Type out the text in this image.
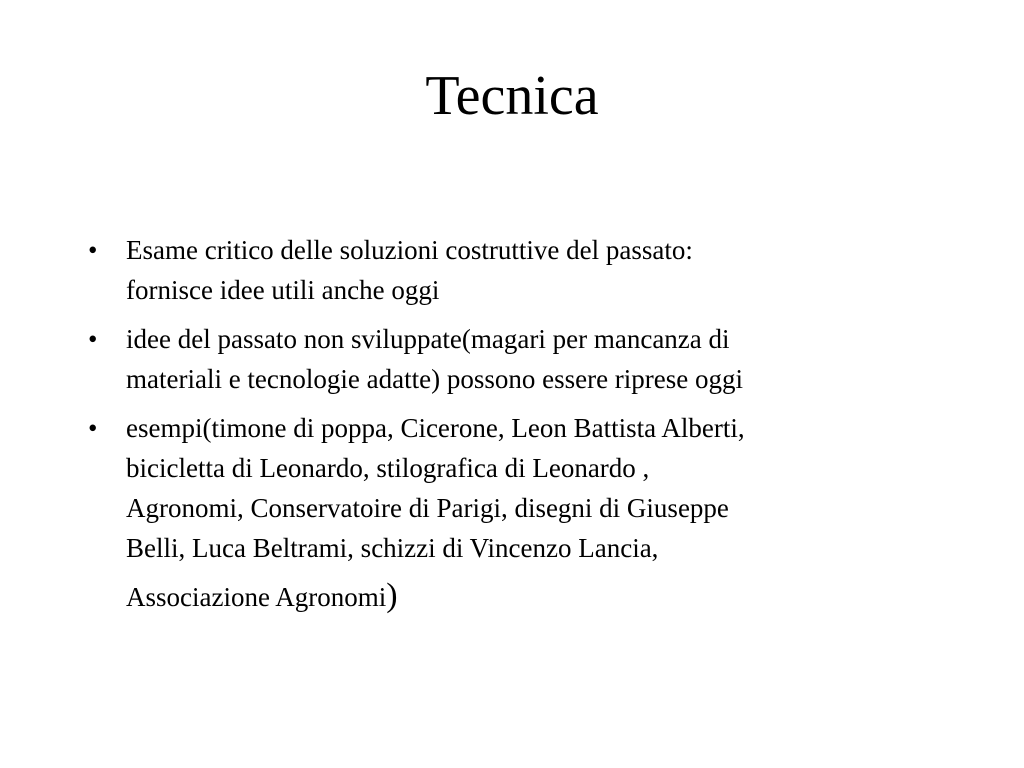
Tecnica
•	Esame critico delle soluzioni costruttive del passato:
fornisce idee utili anche oggi
•	idee del passato non sviluppate(magari per mancanza di
materiali e tecnologie adatte) possono essere riprese oggi
•	esempi(timone di poppa, Cicerone, Leon Battista Alberti,
bicicletta di Leonardo, stilografica di Leonardo ,
Agronomi, Conservatoire di Parigi, disegni di Giuseppe
Belli, Luca Beltrami, schizzi di Vincenzo Lancia,
Associazione Agronomi)
